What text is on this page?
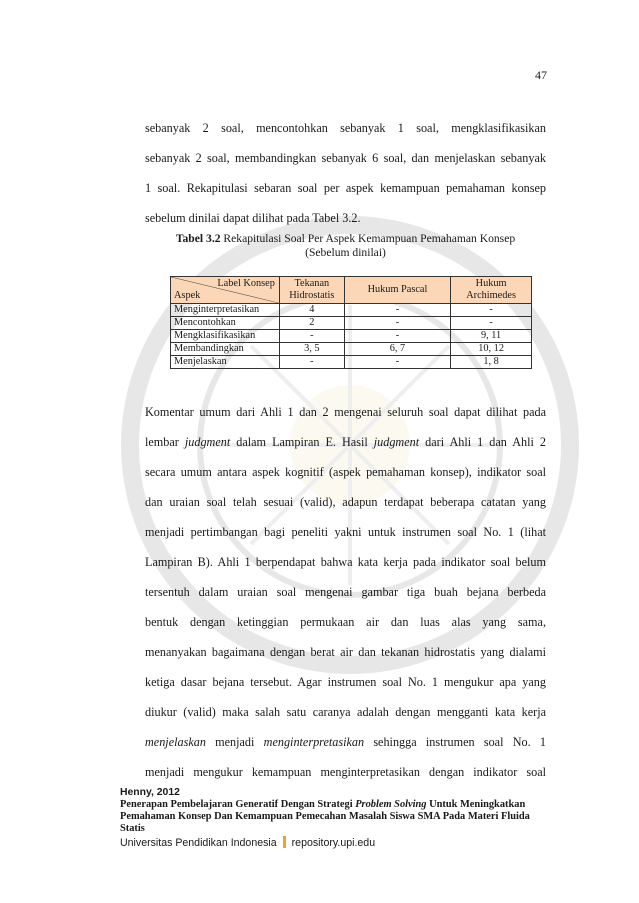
47
sebanyak 2 soal, mencontohkan sebanyak 1 soal, mengklasifikasikan
sebanyak 2 soal, membandingkan sebanyak 6 soal, dan menjelaskan sebanyak
1 soal. Rekapitulasi sebaran soal per aspek kemampuan pemahaman konsep
sebelum dinilai dapat dilihat pada Tabel 3.2.
Tabel 3.2 Rekapitulasi Soal Per Aspek Kemampuan Pemahaman Konsep
(Sebelum dinilai)
Label Konsep
Aspek	Tekanan Hidrostatis	Hukum Pascal	Hukum Archimedes
Menginterpretasikan	4	-	-
Mencontohkan	2	-	-
Mengklasifikasikan	-	-	9, 11
Membandingkan	3, 5	6, 7	10, 12
Menjelaskan	-	-	1, 8
Komentar umum dari Ahli 1 dan 2 mengenai seluruh soal dapat dilihat pada
lembar judgment dalam Lampiran E. Hasil judgment dari Ahli 1 dan Ahli 2
secara umum antara aspek kognitif (aspek pemahaman konsep), indikator soal
dan uraian soal telah sesuai (valid), adapun terdapat beberapa catatan yang
menjadi pertimbangan bagi peneliti yakni untuk instrumen soal No. 1 (lihat
Lampiran B). Ahli 1 berpendapat bahwa kata kerja pada indikator soal belum
tersentuh dalam uraian soal mengenai gambar tiga buah bejana berbeda
bentuk dengan ketinggian permukaan air dan luas alas yang sama,
menanyakan bagaimana dengan berat air dan tekanan hidrostatis yang dialami
ketiga dasar bejana tersebut. Agar instrumen soal No. 1 mengukur apa yang
diukur (valid) maka salah satu caranya adalah dengan mengganti kata kerja
menjelaskan menjadi menginterpretasikan sehingga instrumen soal No. 1
menjadi mengukur kemampuan menginterpretasikan dengan indikator soal
Henny, 2012
Penerapan Pembelajaran Generatif Dengan Strategi Problem Solving Untuk Meningkatkan
Pemahaman Konsep Dan Kemampuan Pemecahan Masalah Siswa SMA Pada Materi Fluida
Statis
Universitas Pendidikan Indonesia repository.upi.edu
